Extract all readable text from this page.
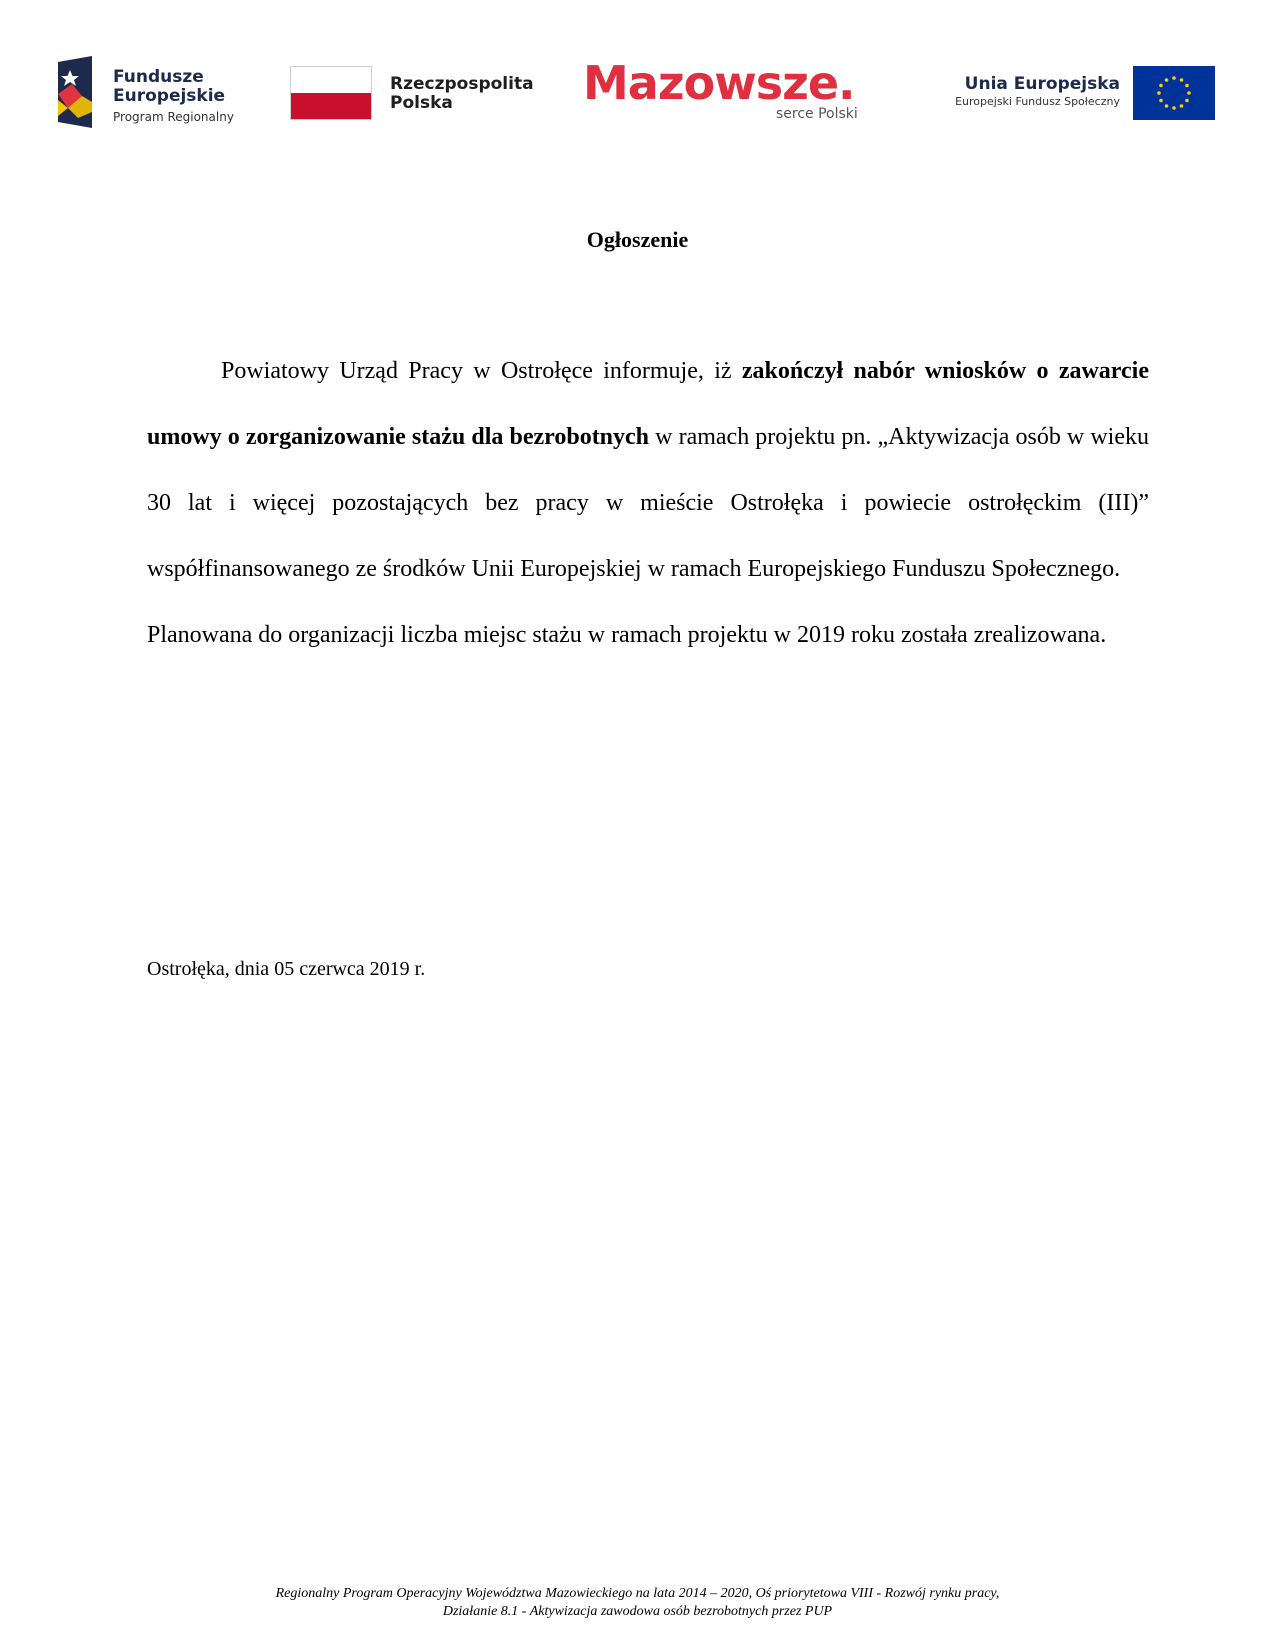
Fundusze
Europejskie
Program Regionalny
Rzeczpospolita
Polska	Mazowsze.
serce Polski
Unia Europejska
Europejski Fundusz Społeczny
Ogłoszenie

Powiatowy Urząd Pracy w Ostrołęce informuje, iż zakończył nabór wniosków o zawarcie umowy o zorganizowanie stażu dla bezrobotnych w ramach projektu pn. „Aktywizacja osób w wieku 30 lat i więcej pozostających bez pracy w mieście Ostrołęka i powiecie ostrołęckim (III)” współfinansowanego ze środków Unii Europejskiej w ramach Europejskiego Funduszu Społecznego.

Planowana do organizacji liczba miejsc stażu w ramach projektu w 2019 roku została zrealizowana.

Ostrołęka, dnia 05 czerwca 2019 r.

Regionalny Program Operacyjny Województwa Mazowieckiego na lata 2014 – 2020, Oś priorytetowa VIII - Rozwój rynku pracy,
Działanie 8.1 - Aktywizacja zawodowa osób bezrobotnych przez PUP
